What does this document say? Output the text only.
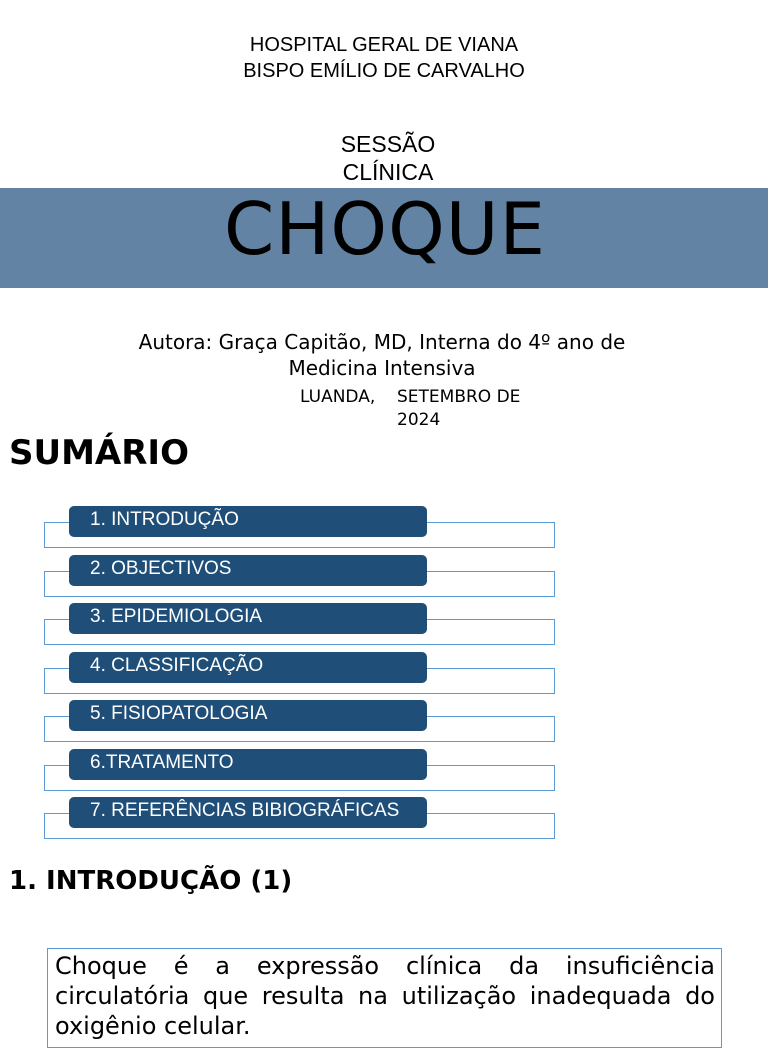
HOSPITAL GERAL DE VIANA
BISPO EMÍLIO DE CARVALHO
SESSÃO
CLÍNICA
CHOQUE
Autora: Graça Capitão, MD, Interna do 4º ano de
Medicina Intensiva
LUANDA, SETEMBRO DE
2024
SUMÁRIO
1. INTRODUÇÃO
2. OBJECTIVOS
3. EPIDEMIOLOGIA
4. CLASSIFICAÇÃO
5. FISIOPATOLOGIA
6.TRATAMENTO
7. REFERÊNCIAS BIBIOGRÁFICAS
1. INTRODUÇÃO (1)
Choque é a expressão clínica da insuficiência circulatória que resulta na utilização inadequada do oxigênio celular.
